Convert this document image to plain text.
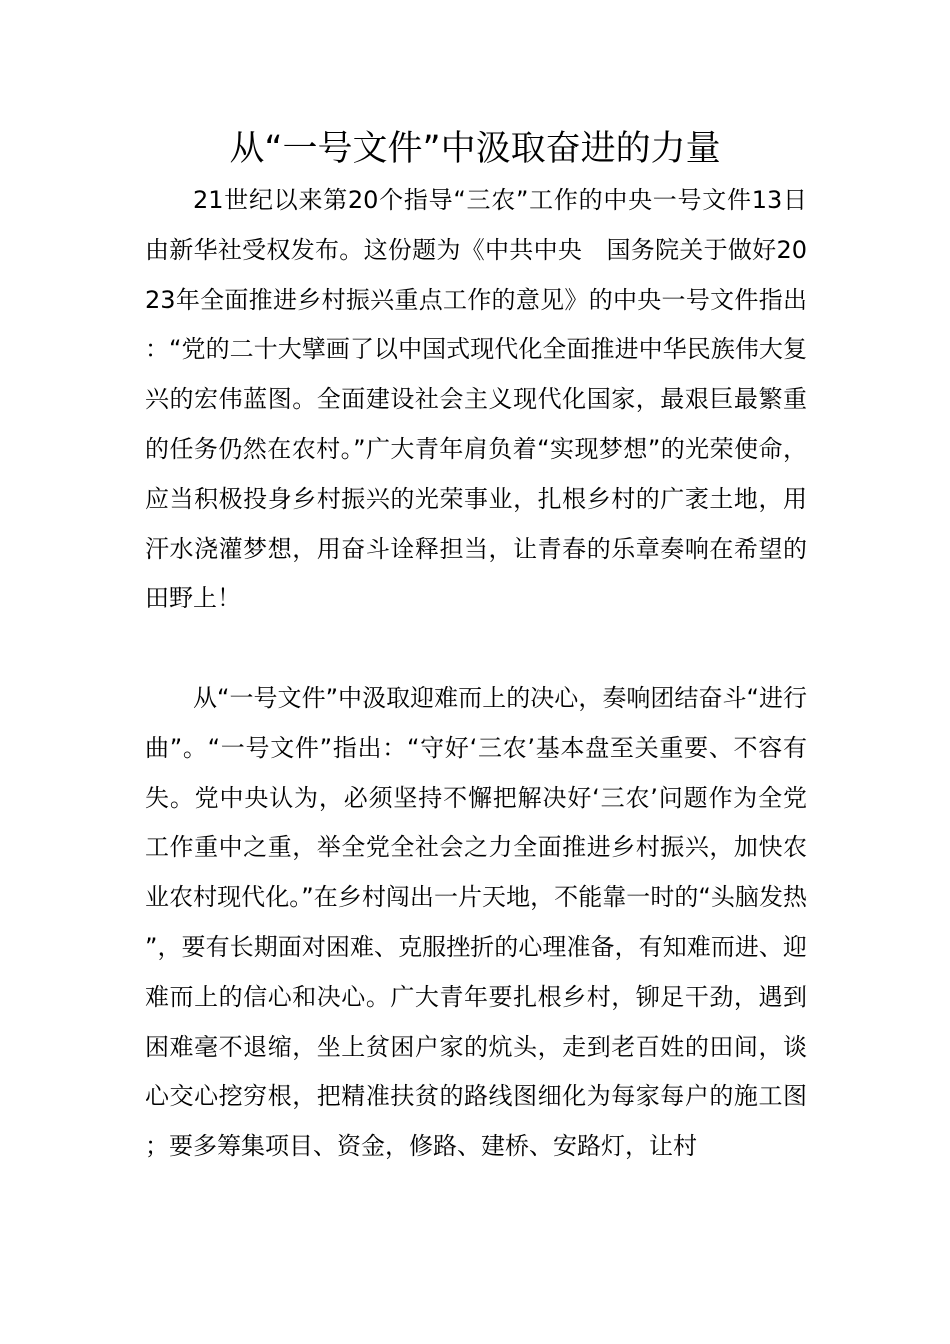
从“一号文件”中汲取奋进的力量

21世纪以来第20个指导“三农”工作的中央一号文件13日由新华社受权发布。这份题为《中共中央　国务院关于做好2023年全面推进乡村振兴重点工作的意见》的中央一号文件指出：“党的二十大擘画了以中国式现代化全面推进中华民族伟大复兴的宏伟蓝图。全面建设社会主义现代化国家，最艰巨最繁重的任务仍然在农村。”广大青年肩负着“实现梦想”的光荣使命，应当积极投身乡村振兴的光荣事业，扎根乡村的广袤土地，用汗水浇灌梦想，用奋斗诠释担当，让青春的乐章奏响在希望的田野上！

从“一号文件”中汲取迎难而上的决心，奏响团结奋斗“进行曲”。“一号文件”指出：“守好‘三农’基本盘至关重要、不容有失。党中央认为，必须坚持不懈把解决好‘三农’问题作为全党工作重中之重，举全党全社会之力全面推进乡村振兴，加快农业农村现代化。”在乡村闯出一片天地，不能靠一时的“头脑发热”，要有长期面对困难、克服挫折的心理准备，有知难而进、迎难而上的信心和决心。广大青年要扎根乡村，铆足干劲，遇到困难毫不退缩，坐上贫困户家的炕头，走到老百姓的田间，谈心交心挖穷根，把精准扶贫的路线图细化为每家每户的施工图；要多筹集项目、资金，修路、建桥、安路灯，让村
